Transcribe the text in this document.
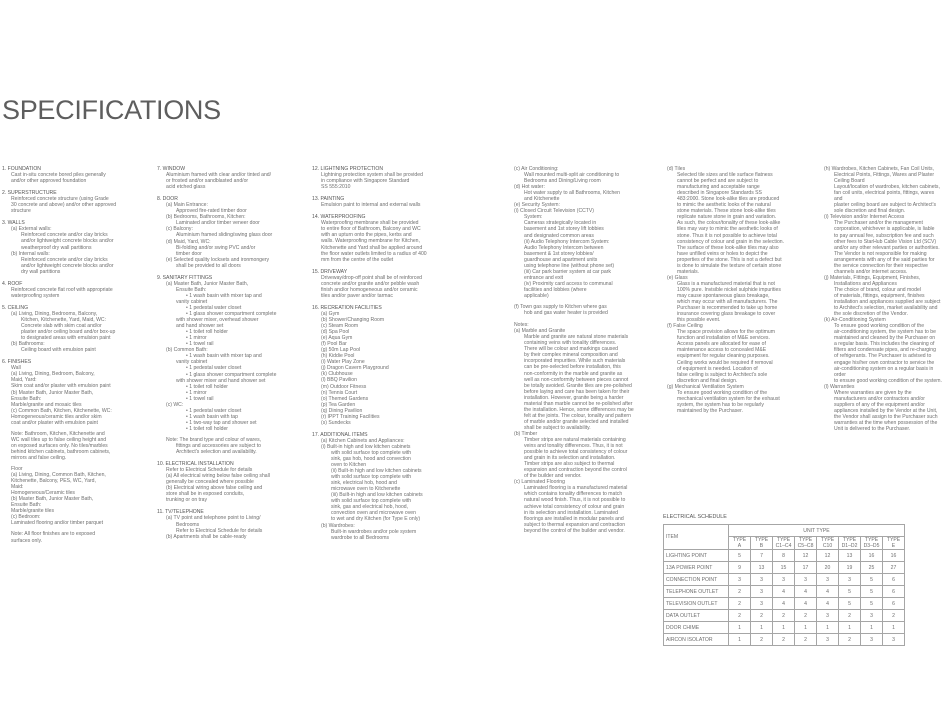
SPECIFICATIONS
1. FOUNDATION
Cast in-situ concrete bored piles generally
and/or other approved foundation
2. SUPERSTRUCTURE
Reinforced concrete structure (using Grade
30 concrete and above) and/or other approved
structure
3. WALLS
(a) External walls:
Reinforced concrete and/or clay bricks
and/or lightweight concrete blocks and/or
weatherproof dry wall partitions
(b) Internal walls:
Reinforced concrete and/or clay bricks
and/or lightweight concrete blocks and/or
dry wall partitions
4. ROOF
Reinforced concrete flat roof with appropriate
waterproofing system
5. CEILING
(a) Living, Dining, Bedrooms, Balcony,
Kitchen, Kitchenette, Yard, Maid, WC:
Concrete slab with skim coat and/or
plaster and/or ceiling board and/or box-up
to designated areas with emulsion paint
(b) Bathrooms:
Ceiling board with emulsion paint
6. FINISHES
Wall
(a) Living, Dining, Bedroom, Balcony,
Maid, Yard:
Skim coat and/or plaster with emulsion paint
(b) Master Bath, Junior Master Bath,
Ensuite Bath:
Marble/granite and mosaic tiles
(c) Common Bath, Kitchen, Kitchenette, WC:
Homogeneous/ceramic tiles and/or skim
coat and/or plaster with emulsion paint
Note: Bathroom, Kitchen, Kitchenette and
WC wall tiles up to false ceiling height and
on exposed surfaces only. No tiles/marbles
behind kitchen cabinets, bathroom cabinets,
mirrors and false ceiling.
Floor
(a) Living, Dining, Common Bath, Kitchen,
Kitchenette, Balcony, PES, WC, Yard,
Maid:
Homogeneous/Ceramic tiles
(b) Master Bath, Junior Master Bath,
Ensuite Bath:
Marble/granite tiles
(c) Bedroom:
Laminated flooring and/or timber parquet
Note: All floor finishes are to exposed
surfaces only.
7. WINDOW
Aluminium framed with clear and/or tinted and/
or frosted and/or sandblasted and/or
acid etched glass
8. DOOR
(a) Main Entrance:
Approved fire-rated timber door
(b) Bedrooms, Bathrooms, Kitchen:
Laminated and/or timber veneer door
(c) Balcony:
Aluminium framed sliding/swing glass door
(d) Maid, Yard, WC:
Bi-folding and/or swing PVC and/or
timber door
(e) Selected quality locksets and ironmongery
shall be provided to all doors
9. SANITARY FITTINGS
(a) Master Bath, Junior Master Bath,
Ensuite Bath:
• 1 wash basin with mixer tap and
vanity cabinet
• 1 pedestal water closet
• 1 glass shower compartment complete
with shower mixer, overhead shower
and hand shower set
• 1 toilet roll holder
• 1 mirror
• 1 towel rail
(b) Common Bath:
• 1 wash basin with mixer tap and
vanity cabinet
• 1 pedestal water closet
• 1 glass shower compartment complete
with shower mixer and hand shower set
• 1 toilet roll holder
• 1 mirror
• 1 towel rail
(c) WC:
• 1 pedestal water closet
• 1 wash basin with tap
• 1 two-way tap and shower set
• 1 toilet roll holder
Note: The brand type and colour of wares,
fittings and accessories are subject to
Architect's selection and availability.
10. ELECTRICAL INSTALLATION
Refer to Electrical Schedule for details
(a) All electrical wiring below false ceiling shall
generally be concealed where possible
(b) Electrical wiring above false ceiling and
store shall be in exposed conduits,
trunking or on tray
11. TV/TELEPHONE
(a) TV point and telephone point to Living/
Bedrooms
Refer to Electrical Schedule for details
(b) Apartments shall be cable-ready
12. LIGHTNING PROTECTION
Lightning protection system shall be provided
in compliance with Singapore Standard
SS 555:2010
13. PAINTING
Emulsion paint to internal and external walls
14. WATERPROOFING
Waterproofing membrane shall be provided
to entire floor of Bathroom, Balcony and WC
with an upturn onto the pipes, kerbs and
walls. Waterproofing membrane for Kitchen,
Kitchenette and Yard shall be applied around
the floor water outlets limited to a radius of 400
mm from the centre of the outlet
15. DRIVEWAY
Driveway/drop-off point shall be of reinforced
concrete and/or granite and/or pebble wash
finish and/or homogeneous and/or ceramic
tiles and/or paver and/or tarmac
16. RECREATION FACILITIES
(a) Gym
(b) Shower/Changing Room
(c) Steam Room
(d) Spa Pool
(e) Aqua Gym
(f) Pool Bar
(g) 50m Lap Pool
(h) Kiddie Pool
(i) Water Play Zone
(j) Dragon Cavern Playground
(k) Clubhouse
(l) BBQ Pavilion
(m) Outdoor Fitness
(n) Tennis Court
(o) Themed Gardens
(p) Tea Garden
(q) Dining Pavilion
(r) IPPT Training Facilities
(s) Sundecks
17. ADDITIONAL ITEMS
(a) Kitchen Cabinets and Appliances:
(i) Built-in high and low kitchen cabinets
with solid surface top complete with
sink, gas hob, hood and convection
oven to Kitchen
(ii) Built-in high and low kitchen cabinets
with solid surface top complete with
sink, electrical hob, hood and
microwave oven to Kitchenette
(iii) Built-in high and low kitchen cabinets
with solid surface top complete with
sink, gas and electrical hob, hood,
convection oven and microwave oven
to wet and dry Kitchen (for Type E only)
(b) Wardrobes:
Built-in wardrobes and/or pole system
wardrobe to all Bedrooms
(c) Air Conditioning:
Wall mounted multi-split air conditioning to
Bedrooms and Dining/Living room
(d) Hot water:
Hot water supply to all Bathrooms, Kitchen
and Kitchenette
(e) Security System:
(i) Closed Circuit Television (CCTV)
System:
Cameras strategically located in
basement and 1st storey lift lobbies
and designated common areas
(ii) Audio Telephony Intercom System:
Audio Telephony Intercom between
basement & 1st storey lobbies/
guardhouse and apartment units
using telephone line (without phone set)
(iii) Car park barrier system at car park
entrance and exit
(iv) Proximity card access to communal
facilities and lobbies (where
applicable)
(f) Town gas supply to Kitchen where gas
hob and gas water heater is provided
Notes:
(a) Marble and Granite
Marble and granite are natural stone materials
containing veins with tonality differences.
There will be colour and markings caused
by their complex mineral composition and
incorporated impurities. While such materials
can be pre-selected before installation, this
non-conformity in the marble and granite as
well as non-conformity between pieces cannot
be totally avoided. Granite tiles are pre-polished
before laying and care has been taken for their
installation. However, granite being a harder
material than marble cannot be re-polished after
the installation. Hence, some differences may be
felt at the joints. The colour, tonality and pattern
of marble and/or granite selected and installed
shall be subject to availability.
(b) Timber
Timber strips are natural materials containing
veins and tonality differences. Thus, it is not
possible to achieve total consistency of colour
and grain in its selection and installation.
Timber strips are also subject to thermal
expansion and contraction beyond the control
of the builder and vendor.
(c) Laminated Flooring
Laminated flooring is a manufactured material
which contains tonality differences to match
natural wood finish. Thus, it is not possible to
achieve total consistency of colour and grain
in its selection and installation. Laminated
floorings are installed in modular panels and
subject to thermal expansion and contraction
beyond the control of the builder and vendor.
(d) Tiles
Selected tile sizes and tile surface flatness
cannot be perfect and are subject to
manufacturing and acceptable range
described in Singapore Standards SS
483:2000. Stone look-alike tiles are produced
to mimic the aesthetic looks of the natural
stone materials. These stone look-alike tiles
replicate nature stone in grain and variation.
As such, the colour/tonality of these look-alike
tiles may vary to mimic the aesthetic looks of
stone. Thus it is not possible to achieve total
consistency of colour and grain in the selection.
The surface of these look-alike tiles may also
have unfilled veins or holes to depict the
properties of the stone. This is not a defect but
is done to simulate the texture of certain stone
materials.
(e) Glass
Glass is a manufactured material that is not
100% pure. Invisible nickel sulphide impurities
may cause spontaneous glass breakage,
which may occur with all manufacturers. The
Purchaser is recommended to take up home
insurance covering glass breakage to cover
this possible event.
(f) False Ceiling
The space provision allows for the optimum
function and installation of M&E services.
Access panels are allocated for ease of
maintenance access to concealed M&E
equipment for regular cleaning purposes.
Ceiling works would be required if removal
of equipment is needed. Location of
false ceiling is subject to Architect's sole
discretion and final design.
(g) Mechanical Ventilation System
To ensure good working condition of the
mechanical ventilation system for the exhaust
system, the system has to be regularly
maintained by the Purchaser.
(h) Wardrobes, Kitchen Cabinets, Fan Coil Units,
Electrical Points, Fittings, Wares and Plaster
Ceiling Board
Layout/location of wardrobes, kitchen cabinets,
fan coil units, electrical points, fittings, wares and
plaster ceiling board are subject to Architect's
sole discretion and final design.
(i) Television and/or Internet Access
The Purchaser and/or the management
corporation, whichever is applicable, is liable
to pay annual fee, subscription fee and such
other fees to StarHub Cable Vision Ltd (SCV)
and/or any other relevant parties or authorities.
The Vendor is not responsible for making
arrangements with any of the said parties for
the service connection for their respective
channels and/or internet access.
(j) Materials, Fittings, Equipment, Finishes,
Installations and Appliances
The choice of brand, colour and model
of materials, fittings, equipment, finishes
installation and appliances supplied are subject
to Architect's selection, market availability and
the sole discretion of the Vendor.
(k) Air-Conditioning System
To ensure good working condition of the
air-conditioning system, the system has to be
maintained and cleaned by the Purchaser on
a regular basis. This includes the cleaning of
filters and condensate pipes, and re-charging
of refrigerants. The Purchaser is advised to
engage his/her own contractor to service the
air-conditioning system on a regular basis in order
to ensure good working condition of the system.
(l) Warranties
Where warranties are given by the
manufacturers and/or contractors and/or
suppliers of any of the equipment and/or
appliances installed by the Vendor at the Unit,
the Vendor shall assign to the Purchaser such
warranties at the time when possession of the
Unit is delivered to the Purchaser.
ELECTRICAL SCHEDULE
ITEM	UNIT TYPE							
	TYPE A	TYPE B	TYPE C1–C4	TYPE C5–C8	TYPE C10	TYPE D1–D2	TYPE D3–D5	TYPE E
LIGHTING POINT	5	7	8	12	12	13	16	16
13A POWER POINT	9	13	15	17	20	19	25	27
CONNECTION POINT	3	3	3	3	3	3	5	6
TELEPHONE OUTLET	2	3	4	4	4	5	5	6
TELEVISION OUTLET	2	3	4	4	4	5	5	6
DATA OUTLET	2	2	2	2	3	2	3	2
DOOR CHIME	1	1	1	1	1	1	1	1
AIRCON ISOLATOR	1	2	2	2	3	2	3	3
